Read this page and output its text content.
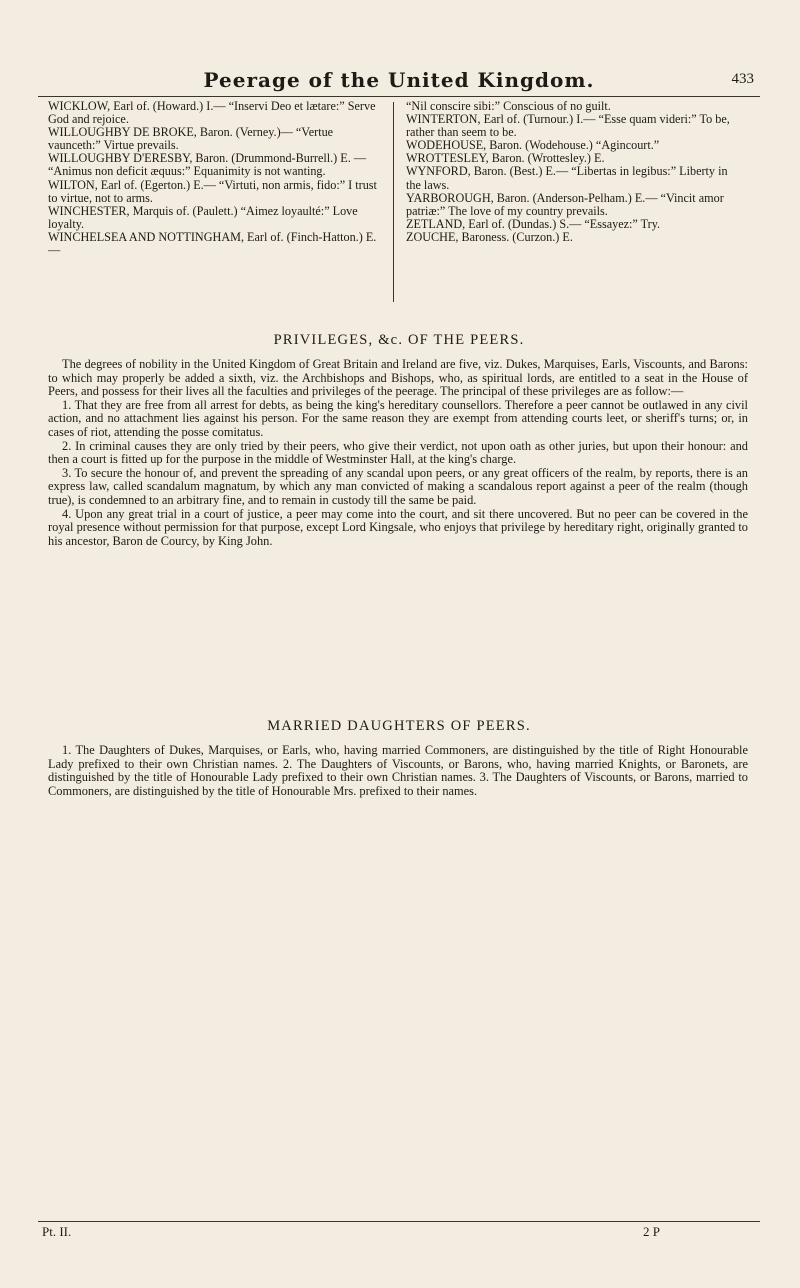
Peerage of the United Kingdom.	433

WICKLOW, Earl of. (Howard.) I.— “Inservi Deo et lætare:” Serve God and rejoice.

WILLOUGHBY DE BROKE, Baron. (Verney.)— “Vertue vaunceth:” Virtue prevails.

WILLOUGHBY D'ERESBY, Baron. (Drummond-Burrell.) E. — “Animus non deficit æquus:” Equanimity is not wanting.

WILTON, Earl of. (Egerton.) E.— “Virtuti, non armis, fido:” I trust to virtue, not to arms.

WINCHESTER, Marquis of. (Paulett.) “Aimez loyaulté:” Love loyalty.

WINCHELSEA AND NOTTINGHAM, Earl of. (Finch-Hatton.) E.—

“Nil conscire sibi:” Conscious of no guilt.

WINTERTON, Earl of. (Turnour.) I.— “Esse quam videri:” To be, rather than seem to be.

WODEHOUSE, Baron. (Wodehouse.) “Agincourt.”

WROTTESLEY, Baron. (Wrottesley.) E.

WYNFORD, Baron. (Best.) E.— “Libertas in legibus:” Liberty in the laws.

YARBOROUGH, Baron. (Anderson-Pelham.) E.— “Vincit amor patriæ:” The love of my country prevails.

ZETLAND, Earl of. (Dundas.) S.— “Essayez:” Try.

ZOUCHE, Baroness. (Curzon.) E.

PRIVILEGES, &c. OF THE PEERS.

The degrees of nobility in the United Kingdom of Great Britain and Ireland are five, viz. Dukes, Marquises, Earls, Viscounts, and Barons: to which may properly be added a sixth, viz. the Archbishops and Bishops, who, as spiritual lords, are entitled to a seat in the House of Peers, and possess for their lives all the faculties and privileges of the peerage. The principal of these privileges are as follow:—

1. That they are free from all arrest for debts, as being the king's hereditary counsellors. Therefore a peer cannot be outlawed in any civil action, and no attachment lies against his person. For the same reason they are exempt from attending courts leet, or sheriff's turns; or, in cases of riot, attending the posse comitatus.

2. In criminal causes they are only tried by their peers, who give their verdict, not upon oath as other juries, but upon their honour: and then a court is fitted up for the purpose in the middle of Westminster Hall, at the king's charge.

3. To secure the honour of, and prevent the spreading of any scandal upon peers, or any great officers of the realm, by reports, there is an express law, called scandalum magnatum, by which any man convicted of making a scandalous report against a peer of the realm (though true), is condemned to an arbitrary fine, and to remain in custody till the same be paid.

4. Upon any great trial in a court of justice, a peer may come into the court, and sit there uncovered. But no peer can be covered in the royal presence without permission for that purpose, except Lord Kingsale, who enjoys that privilege by hereditary right, originally granted to his ancestor, Baron de Courcy, by King John.

MARRIED DAUGHTERS OF PEERS.

1. The Daughters of Dukes, Marquises, or Earls, who, having married Commoners, are distinguished by the title of Right Honourable Lady prefixed to their own Christian names. 2. The Daughters of Viscounts, or Barons, who, having married Knights, or Baronets, are distinguished by the title of Honourable Lady prefixed to their own Christian names. 3. The Daughters of Viscounts, or Barons, married to Commoners, are distinguished by the title of Honourable Mrs. prefixed to their names.

Pt. II.	2 P
